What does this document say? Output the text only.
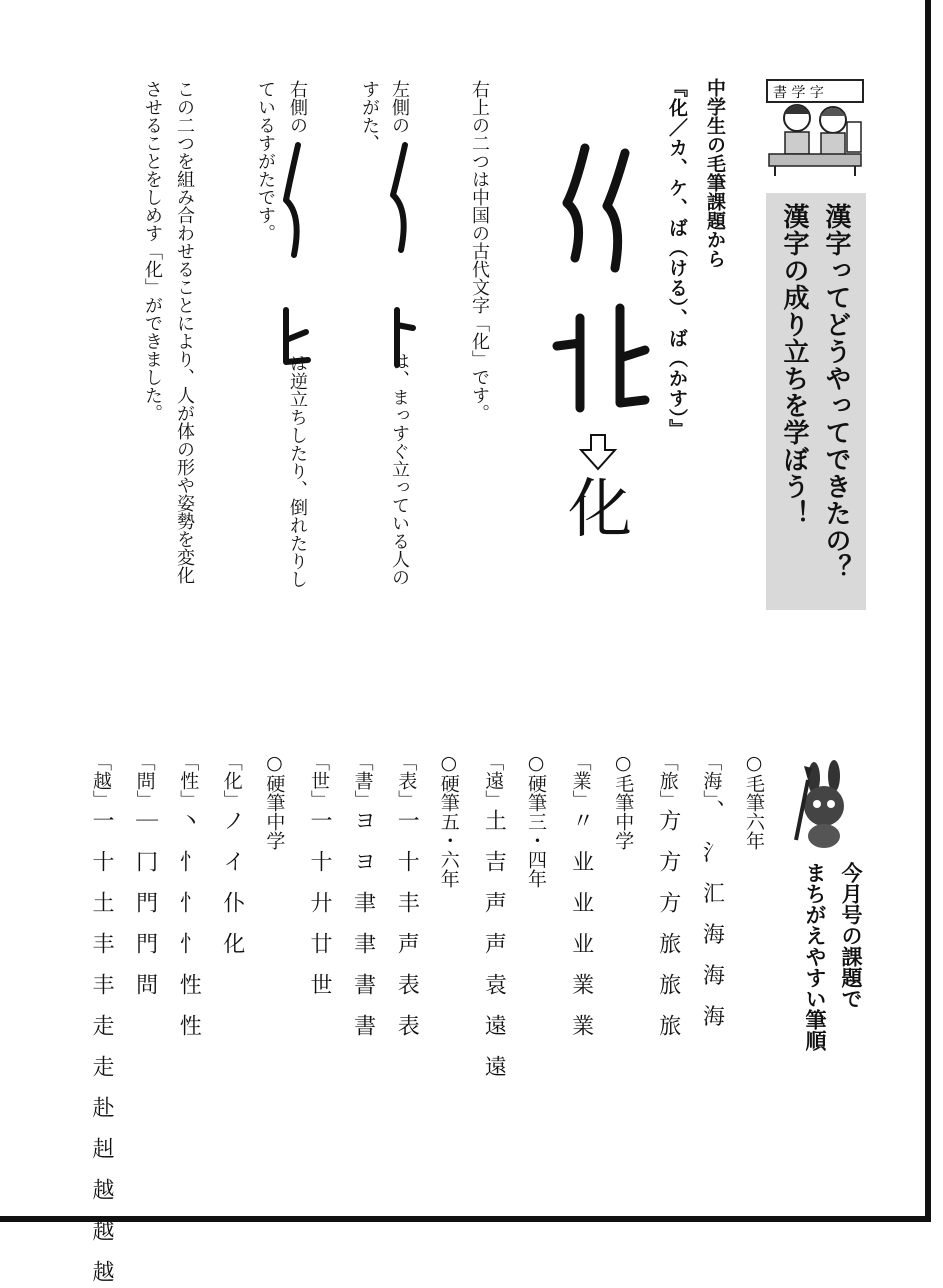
書 学 字
漢字ってどうやってできたの？
漢字の成り立ちを学ぼう！
中学生の毛筆課題から
『化／カ、ケ、ば（ける）、ば（かす）』
化
右上の二つは中国の古代文字「化」です。
左側のは、まっすぐ立っている人の
すがた、
右側のは逆立ちしたり、倒れたりし
ているすがたです。
この二つを組み合わせることにより、人が体の形や姿勢を変化
させることをしめす「化」ができました。
今月号の課題で
まちがえやすい筆順
○毛筆六年
「海」、 氵 汇 海 海 海
「旅」方 方 方 旅 旅 旅
○毛筆中学
「業」〃 业 业 业 業 業
○硬筆三・四年
「遠」土 吉 声 声 袁 遠 遠
○硬筆五・六年
「表」一 十 丰 声 表 表
「書」ヨ ヨ 聿 聿 書 書
「世」一 十 廾 廿 世
○硬筆中学
「化」ノ イ 仆 化
「性」丶 忄 忄 忄 性 性
「問」｜ 冂 門 門 問
「越」一 十 土 丰 丰 走 走 赴 赳 越 越 越
